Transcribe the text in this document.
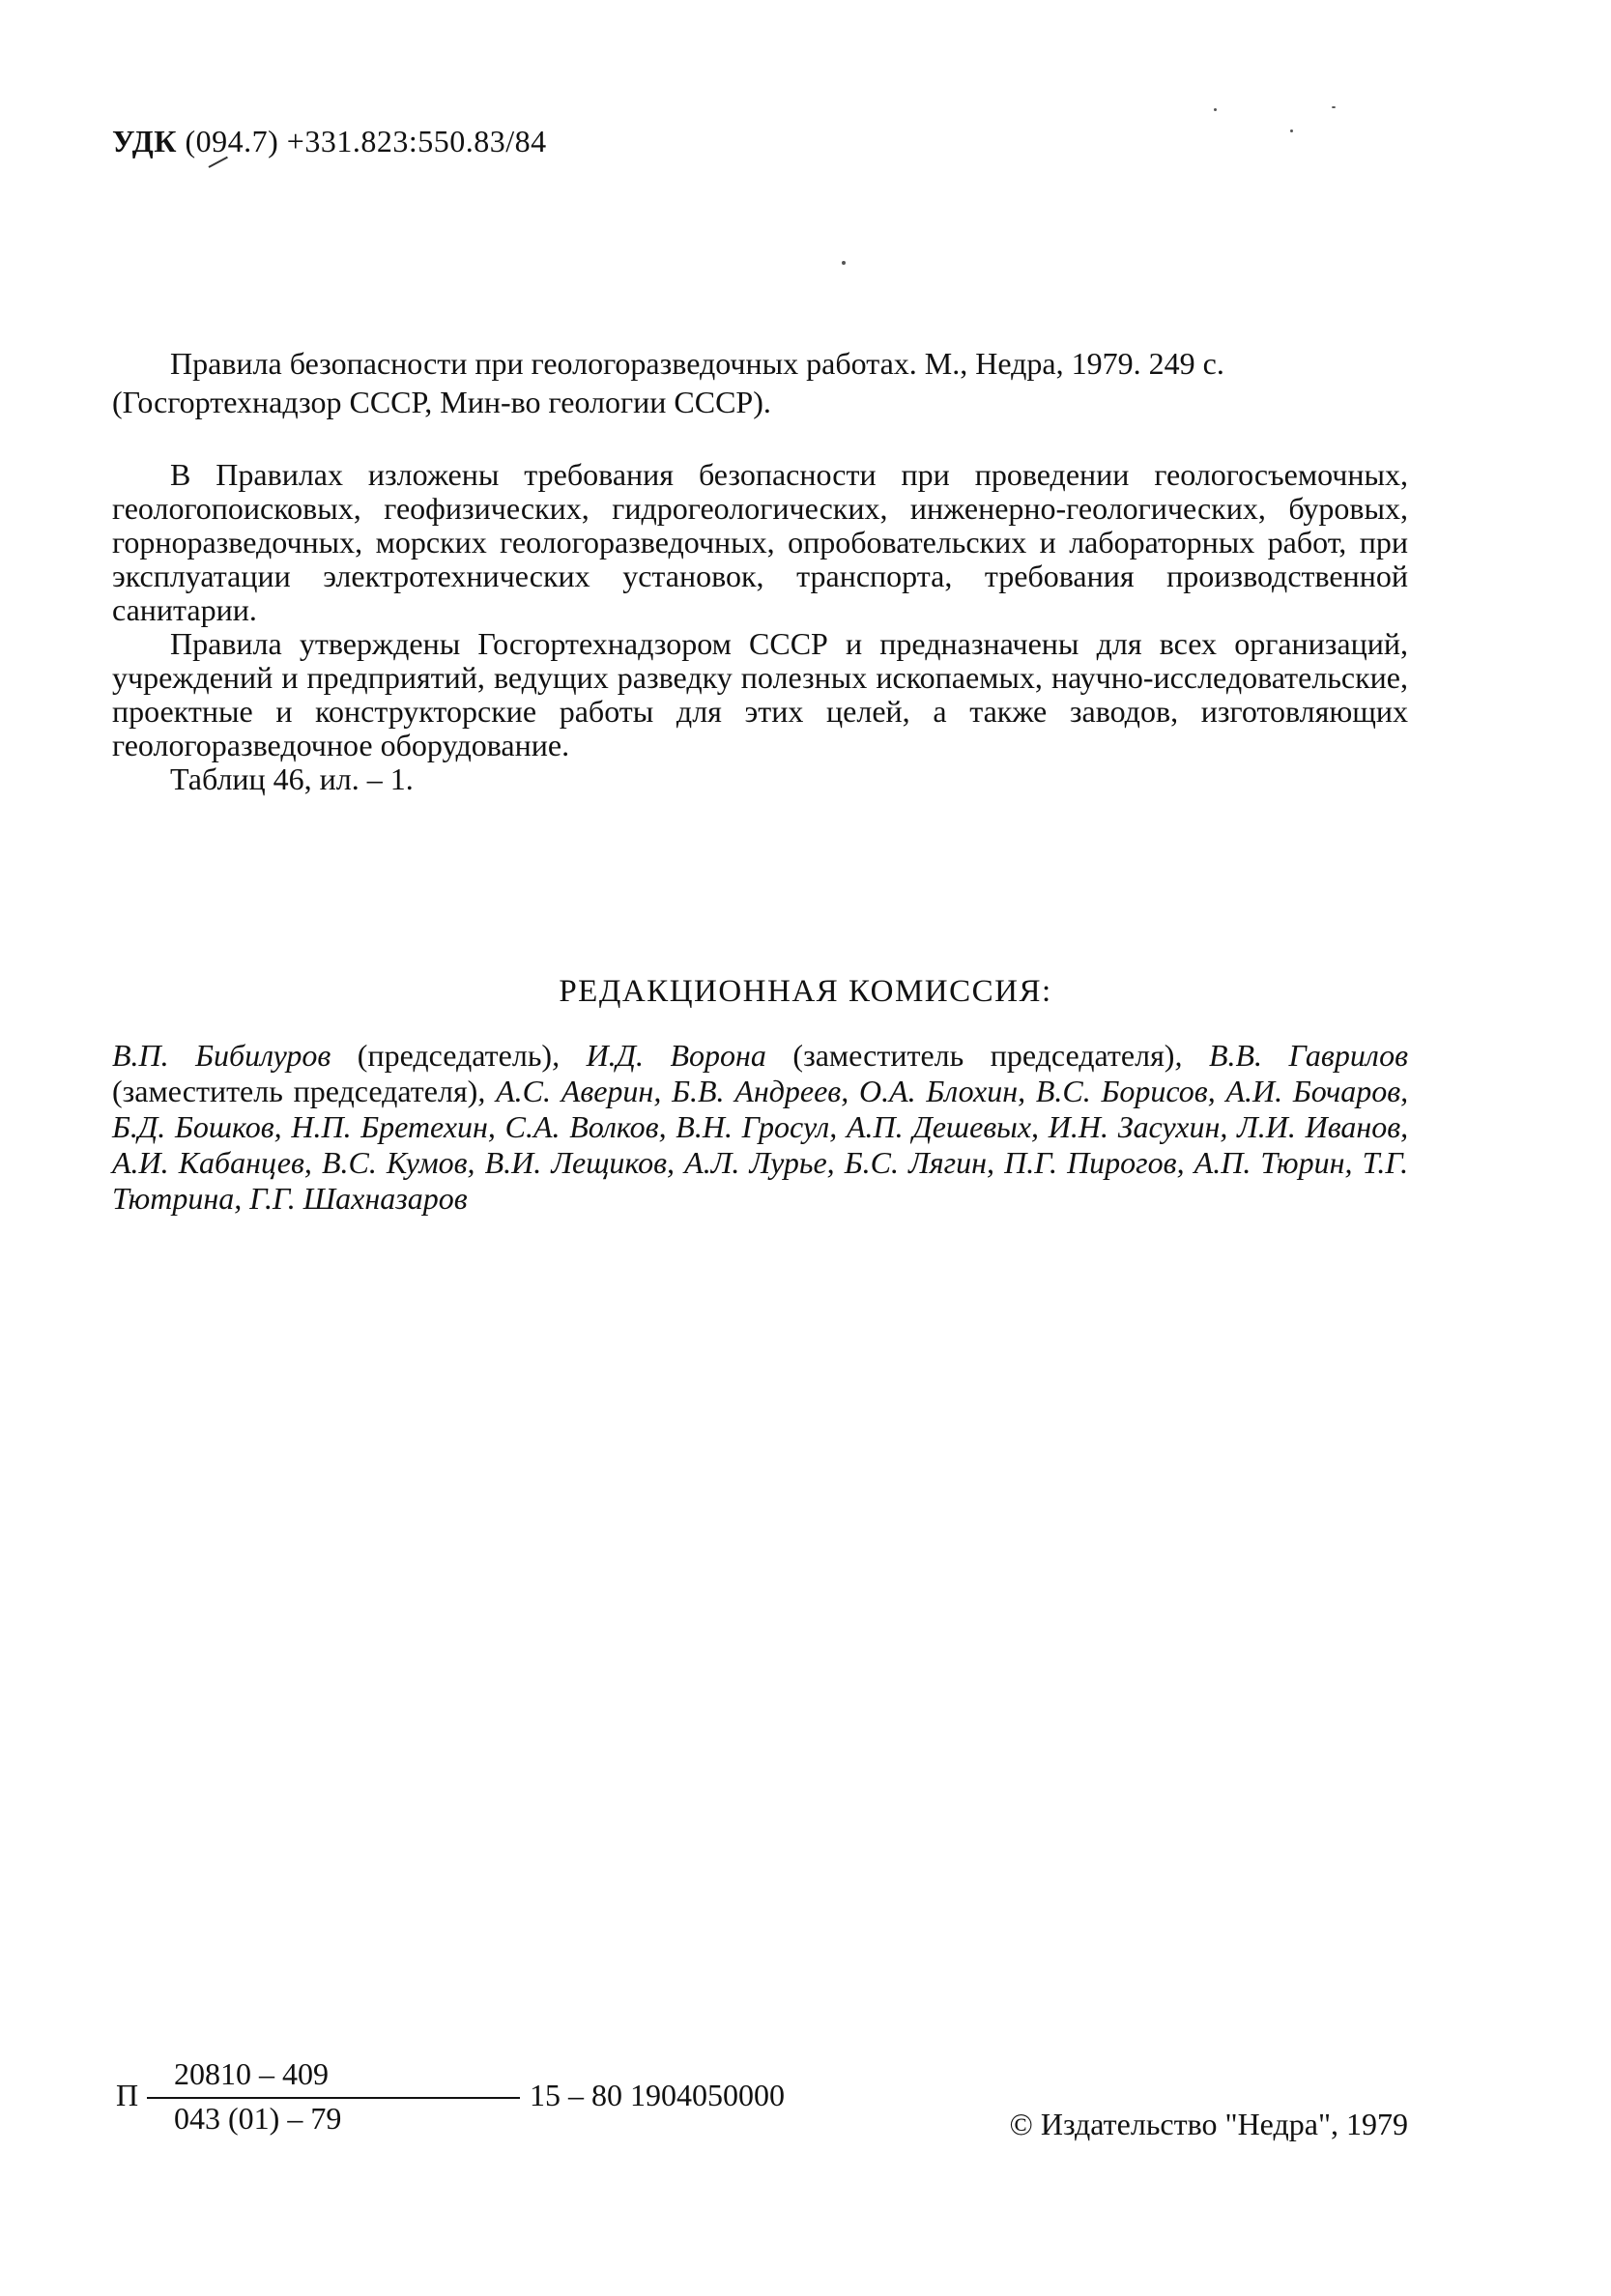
УДК (094.7) +331.823:550.83/84

Правила безопасности при геологоразведочных работах. М., Недра, 1979. 249 с.

(Госгортехнадзор СССР, Мин-во геологии СССР).

В Правилах изложены требования безопасности при проведении геологосъемочных, геологопоисковых, геофизических, гидрогеологических, инженерно-геологических, буровых, горноразведочных, морских геологоразведочных, опробовательских и лабораторных работ, при эксплуатации электротехнических установок, транспорта, требования производственной санитарии.

Правила утверждены Госгортехнадзором СССР и предназначены для всех организаций, учреждений и предприятий, ведущих разведку полезных ископаемых, научно-исследовательские, проектные и конструкторские работы для этих целей, а также заводов, изготовляющих геологоразведочное оборудование.

Таблиц 46, ил. – 1.

РЕДАКЦИОННАЯ КОМИССИЯ:
В.П. Бибилуров (председатель), И.Д. Ворона (заместитель председателя), В.В. Гаврилов (заместитель председателя), А.С. Аверин, Б.В. Андреев, О.А. Блохин, В.С. Борисов, А.И. Бочаров, Б.Д. Бошков, Н.П. Бретехин, С.А. Волков, В.Н. Гросул, А.П. Дешевых, И.Н. Засухин, Л.И. Иванов, А.И. Кабанцев, В.С. Кумов, В.И. Лещиков, А.Л. Лурье, Б.С. Лягин, П.Г. Пирогов, А.П. Тюрин, Т.Г. Тютрина, Г.Г. Шахназаров
П
20810 – 409
043 (01) – 79
15 – 80 1904050000
© Издательство "Недра", 1979
